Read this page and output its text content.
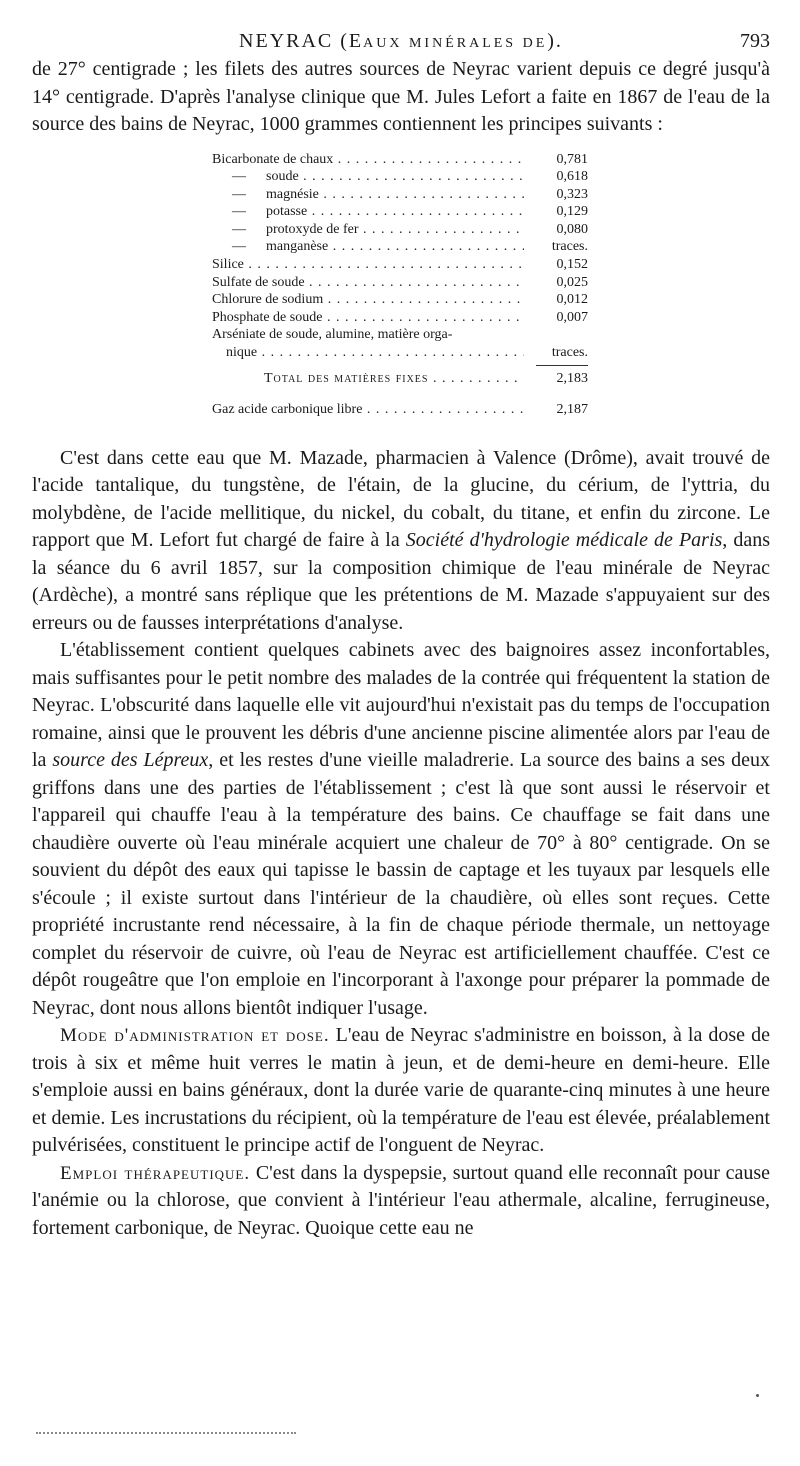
NEYRAC (EAUX MINÉRALES DE).	793

de 27° centigrade ; les filets des autres sources de Neyrac varient depuis ce degré jusqu'à 14° centigrade. D'après l'analyse clinique que M. Jules Lefort a faite en 1867 de l'eau de la source des bains de Neyrac, 1000 grammes contiennent les principes suivants :

Bicarbonate de chaux . . .	0,781
— soude . . .	0,618
— magnésie . . .	0,323
— potasse . . .	0,129
— protoxyde de fer . . .	0,080
— manganèse . . .	traces.
Silice . . .	0,152
Sulfate de soude . . .	0,025
Chlorure de sodium . . .	0,012
Phosphate de soude . . .	0,007
Arséniate de soude, alumine, matière orga-
nique . . .	traces.
Total des matières fixes . . .	2,183
Gaz acide carbonique libre . . .	2,187

C'est dans cette eau que M. Mazade, pharmacien à Valence (Drôme), avait trouvé de l'acide tantalique, du tungstène, de l'étain, de la glucine, du cérium, de l'yttria, du molybdène, de l'acide mellitique, du nickel, du cobalt, du titane, et enfin du zircone. Le rapport que M. Lefort fut chargé de faire à la Société d'hydrologie médicale de Paris, dans la séance du 6 avril 1857, sur la composition chimique de l'eau minérale de Neyrac (Ardèche), a montré sans réplique que les prétentions de M. Mazade s'appuyaient sur des erreurs ou de fausses interprétations d'analyse.

L'établissement contient quelques cabinets avec des baignoires assez inconfortables, mais suffisantes pour le petit nombre des malades de la contrée qui fréquentent la station de Neyrac. L'obscurité dans laquelle elle vit aujourd'hui n'existait pas du temps de l'occupation romaine, ainsi que le prouvent les débris d'une ancienne piscine alimentée alors par l'eau de la source des Lépreux, et les restes d'une vieille maladrerie. La source des bains a ses deux griffons dans une des parties de l'établissement ; c'est là que sont aussi le réservoir et l'appareil qui chauffe l'eau à la température des bains. Ce chauffage se fait dans une chaudière ouverte où l'eau minérale acquiert une chaleur de 70° à 80° centigrade. On se souvient du dépôt des eaux qui tapisse le bassin de captage et les tuyaux par lesquels elle s'écoule ; il existe surtout dans l'intérieur de la chaudière, où elles sont reçues. Cette propriété incrustante rend nécessaire, à la fin de chaque période thermale, un nettoyage complet du réservoir de cuivre, où l'eau de Neyrac est artificiellement chauffée. C'est ce dépôt rougeâtre que l'on emploie en l'incorporant à l'axonge pour préparer la pommade de Neyrac, dont nous allons bientôt indiquer l'usage.

Mode d'administration et dose. L'eau de Neyrac s'administre en boisson, à la dose de trois à six et même huit verres le matin à jeun, et de demi-heure en demi-heure. Elle s'emploie aussi en bains généraux, dont la durée varie de quarante-cinq minutes à une heure et demie. Les incrustations du récipient, où la température de l'eau est élevée, préalablement pulvérisées, constituent le principe actif de l'onguent de Neyrac.

Emploi thérapeutique. C'est dans la dyspepsie, surtout quand elle reconnaît pour cause l'anémie ou la chlorose, que convient à l'intérieur l'eau athermale, alcaline, ferrugineuse, fortement carbonique, de Neyrac. Quoique cette eau ne
